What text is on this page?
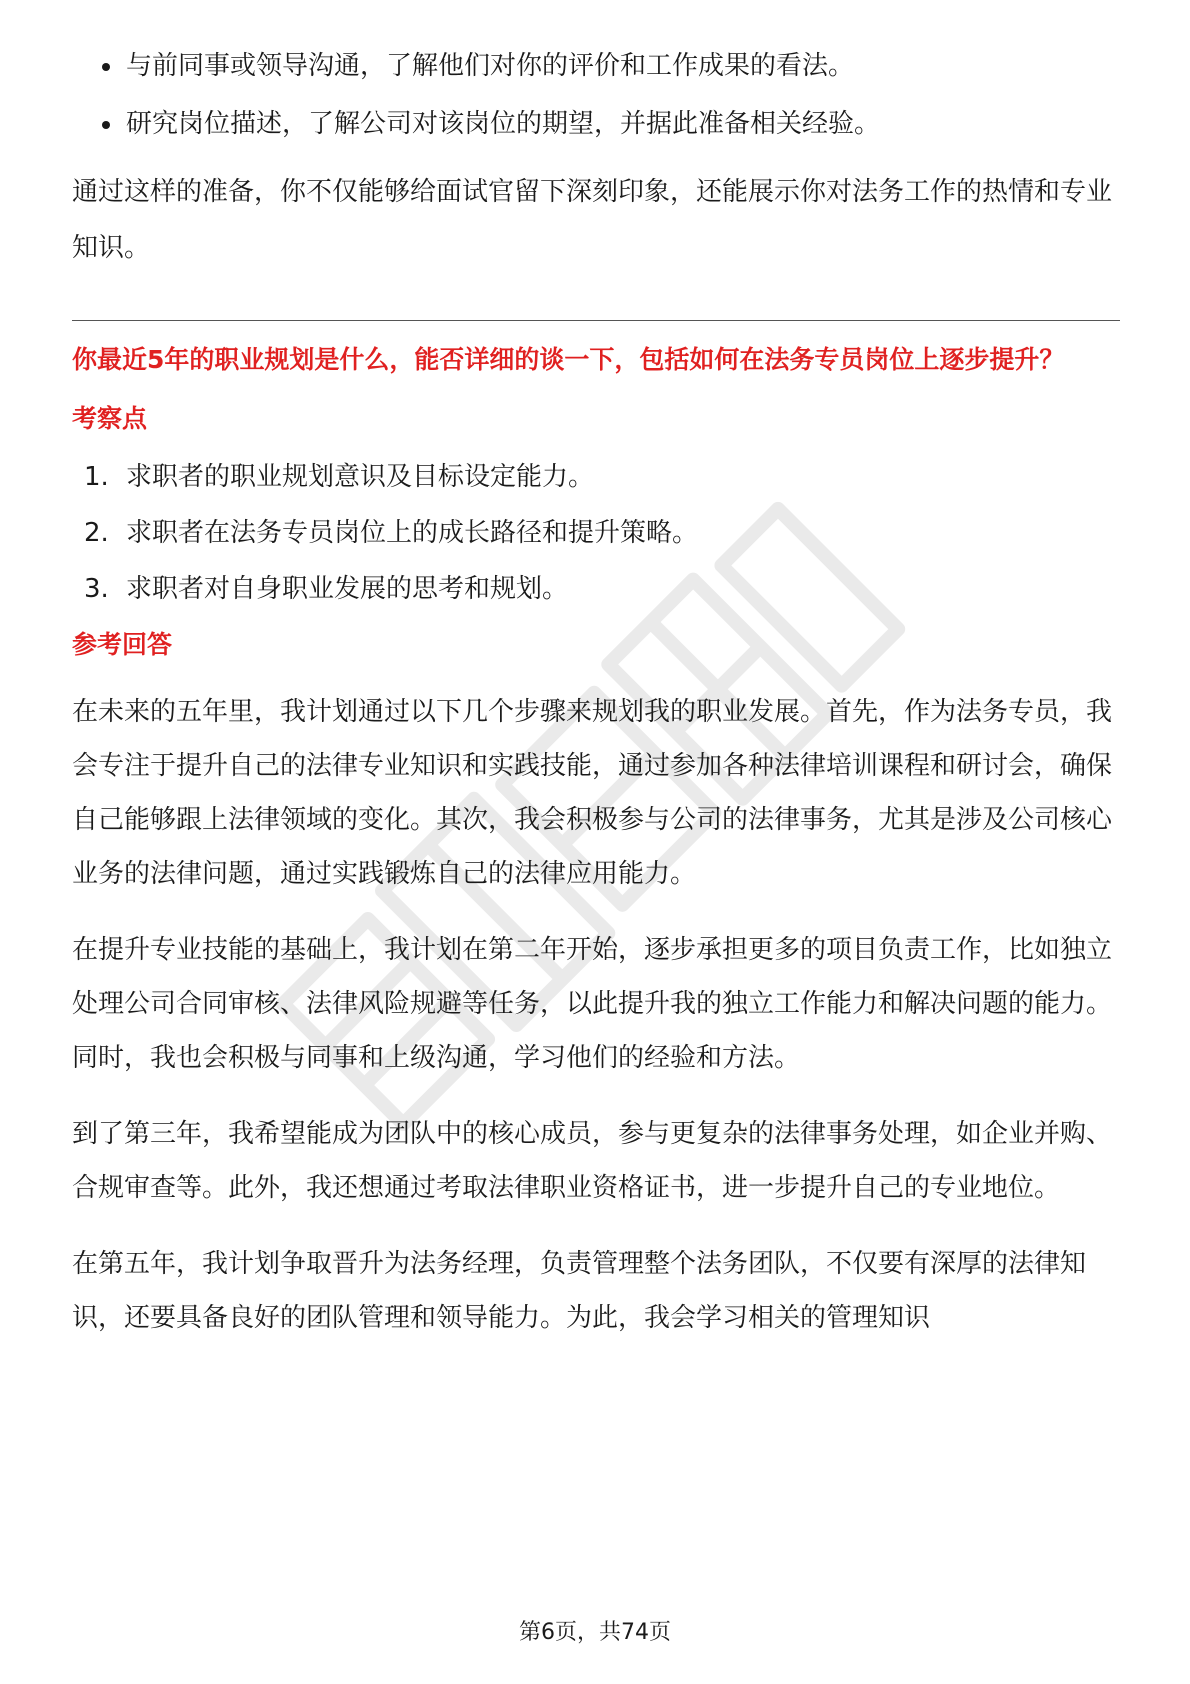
与前同事或领导沟通，了解他们对你的评价和工作成果的看法。
研究岗位描述，了解公司对该岗位的期望，并据此准备相关经验。

通过这样的准备，你不仅能够给面试官留下深刻印象，还能展示你对法务工作的热情和专业知识。

你最近5年的职业规划是什么，能否详细的谈一下，包括如何在法务专员岗位上逐步提升？
考察点
1. 求职者的职业规划意识及目标设定能力。
2. 求职者在法务专员岗位上的成长路径和提升策略。
3. 求职者对自身职业发展的思考和规划。
参考回答

在未来的五年里，我计划通过以下几个步骤来规划我的职业发展。首先，作为法务专员，我会专注于提升自己的法律专业知识和实践技能，通过参加各种法律培训课程和研讨会，确保自己能够跟上法律领域的变化。其次，我会积极参与公司的法律事务，尤其是涉及公司核心业务的法律问题，通过实践锻炼自己的法律应用能力。

在提升专业技能的基础上，我计划在第二年开始，逐步承担更多的项目负责工作，比如独立处理公司合同审核、法律风险规避等任务，以此提升我的独立工作能力和解决问题的能力。同时，我也会积极与同事和上级沟通，学习他们的经验和方法。

到了第三年，我希望能成为团队中的核心成员，参与更复杂的法律事务处理，如企业并购、合规审查等。此外，我还想通过考取法律职业资格证书，进一步提升自己的专业地位。

在第五年，我计划争取晋升为法务经理，负责管理整个法务团队，不仅要有深厚的法律知识，还要具备良好的团队管理和领导能力。为此，我会学习相关的管理知识

第6页，共74页
